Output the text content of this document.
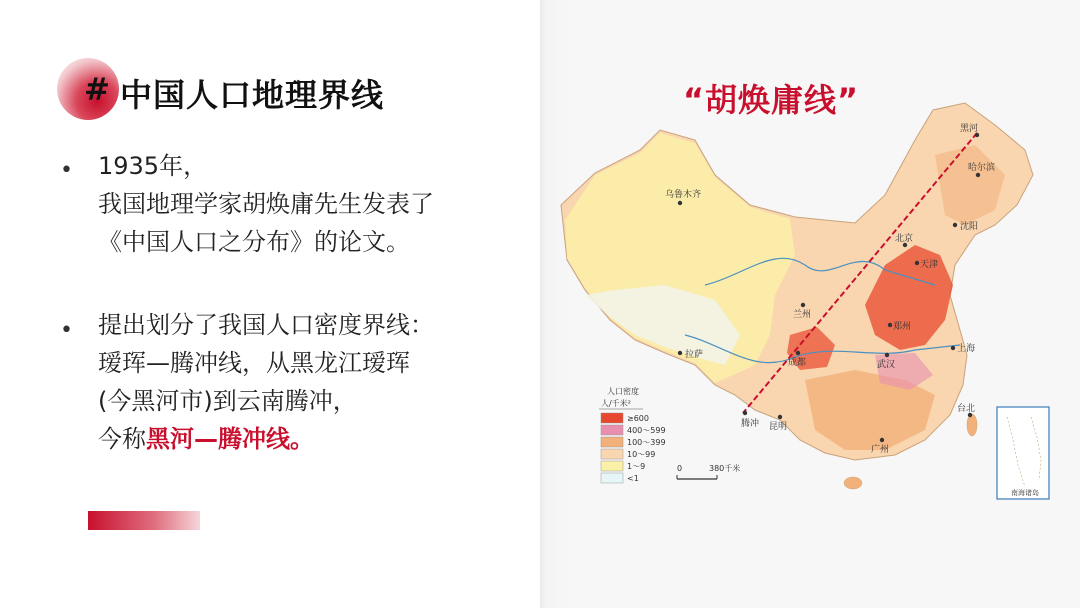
# 中国人口地理界线
• 1935年，
我国地理学家胡焕庸先生发表了
《中国人口之分布》的论文。
• 提出划分了我国人口密度界线：
瑷珲—腾冲线，从黑龙江瑷珲
(今黑河市)到云南腾冲，
今称黑河—腾冲线。
“胡焕庸线”
黑河
哈尔滨
乌鲁木齐
北京
天津
沈阳
兰州
拉萨
成都
郑州
武汉
上海
腾冲 昆明
广州
台北
人口密度
人/千米²
≥600
400～599
100～399
10～99
1～9
<1
0	380千米
南海诸岛
